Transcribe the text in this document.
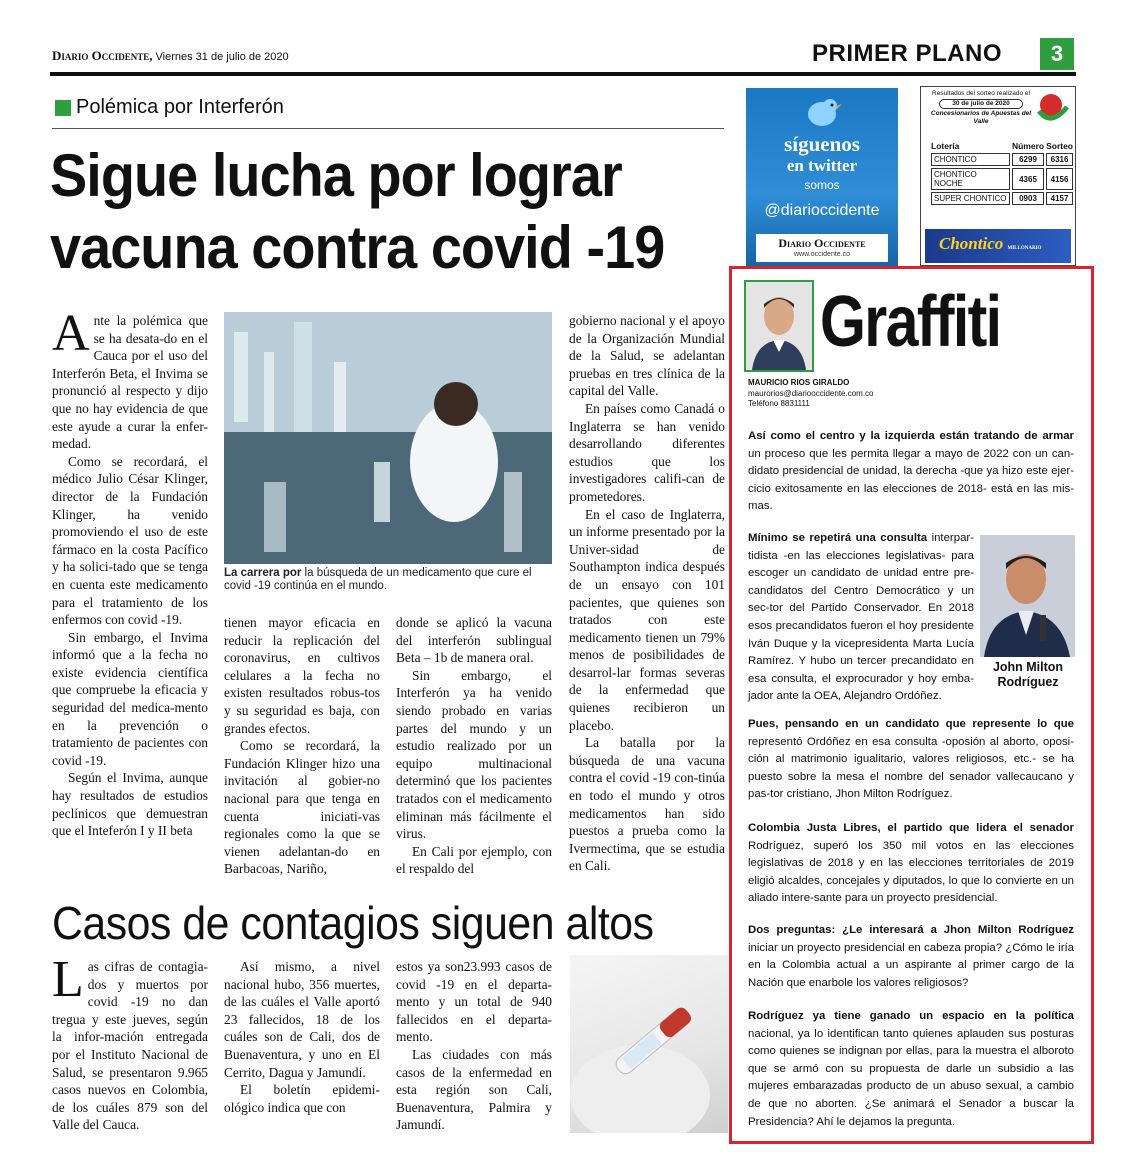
Diario Occidente, Viernes 31 de julio de 2020	PRIMER PLANO	3
Polémica por Interferón
Sigue lucha por lograr vacuna contra covid -19

Ante la polémica que se ha desata-do en el Cauca por el uso del Interferón Beta, el Invima se pronunció al respecto y dijo que no hay evidencia de que este ayude a curar la enfer-medad.

Como se recordará, el médico Julio César Klinger, director de la Fundación Klinger, ha venido promoviendo el uso de este fármaco en la costa Pacífico y ha solici-tado que se tenga en cuenta este medicamento para el tratamiento de los enfermos con covid -19.

Sin embargo, el Invima informó que a la fecha no existe evidencia científica que compruebe la eficacia y seguridad del medica-mento en la prevención o tratamiento de pacientes con covid -19.

Según el Invima, aunque hay resultados de estudios peclínicos que demuestran que el Inteferón I y II beta

La carrera por la búsqueda de un medicamento que cure el covid -19 continúa en el mundo.

tienen mayor eficacia en reducir la replicación del coronavirus, en cultivos celulares a la fecha no existen resultados robus-tos y su seguridad es baja, con grandes efectos.

Como se recordará, la Fundación Klinger hizo una invitación al gobier-no nacional para que tenga en cuenta iniciati-vas regionales como la que se vienen adelantan-do en Barbacoas, Nariño,

donde se aplicó la vacuna del interferón sublingual Beta – 1b de manera oral.

Sin embargo, el Interferón ya ha venido siendo probado en varias partes del mundo y un estudio realizado por un equipo multinacional determinó que los pacientes tratados con el medicamento eliminan más fácilmente el virus.

En Cali por ejemplo, con el respaldo del

gobierno nacional y el apoyo de la Organización Mundial de la Salud, se adelantan pruebas en tres clínica de la capital del Valle.

En países como Canadá o Inglaterra se han venido desarrollando diferentes estudios que los investigadores califi-can de prometedores.

En el caso de Inglaterra, un informe presentado por la Univer-sidad de Southampton indica después de un ensayo con 101 pacientes, que quienes son tratados con este medicamento tienen un 79% menos de posibilidades de desarrol-lar formas severas de la enfermedad que quienes recibieron un placebo.

La batalla por la búsqueda de una vacuna contra el covid -19 con-tinúa en todo el mundo y otros medicamentos han sido puestos a prueba como la Ivermectima, que se estudia en Cali.

Casos de contagios siguen altos

Las cifras de contagia-dos y muertos por covid -19 no dan tregua y este jueves, según la infor-mación entregada por el Instituto Nacional de Salud, se presentaron 9.965 casos nuevos en Colombia, de los cuáles 879 son del Valle del Cauca.

Así mismo, a nivel nacional hubo, 356 muertes, de las cuáles el Valle aportó 23 fallecidos, 18 de los cuáles son de Cali, dos de Buenaventura, y uno en El Cerrito, Dagua y Jamundí.

El boletín epidemi-ológico indica que con

estos ya son23.993 casos de covid -19 en el departa-mento y un total de 940 fallecidos en el departa-mento.

Las ciudades con más casos de la enfermedad en esta región son Cali, Buenaventura, Palmira y Jamundí.

síguenos
en twitter
somos
@diarioccidente
Diario Occidente
www.occidente.co
Resultados del sorteo realizado el
30 de julio de 2020
Concesionarios de Apuestas del Valle
Lotería	Número	Sorteo
CHONTICO	6299	6316
CHONTICO NOCHE	4365	4156
SUPER CHONTICO	0903	4157
Chontico MILLONARIO
Graffiti
MAURICIO RIOS GIRALDO
maurorios@diariooccidente.com.co
Teléfono 8831111
Así como el centro y la izquierda están tratando de armar un proceso que les permita llegar a mayo de 2022 con un can-didato presidencial de unidad, la derecha -que ya hizo este ejer-cicio exitosamente en las elecciones de 2018- está en las mis-mas.
Mínimo se repetirá una consulta interpar-tidista -en las elecciones legislativas- para escoger un candidato de unidad entre pre-candidatos del Centro Democrático y un sec-tor del Partido Conservador. En 2018 esos precandidatos fueron el hoy presidente Iván Duque y la vicepresidenta Marta Lucía Ramírez. Y hubo un tercer precandidato en esa consulta, el exprocurador y hoy emba-jador ante la OEA, Alejandro Ordóñez.
John Milton Rodríguez
Pues, pensando en un candidato que represente lo que representó Ordóñez en esa consulta -oposión al aborto, oposi-ción al matrimonio igualitario, valores religiosos, etc.- se ha puesto sobre la mesa el nombre del senador vallecaucano y pas-tor cristiano, Jhon Milton Rodríguez.
Colombia Justa Libres, el partido que lidera el senador Rodríguez, superó los 350 mil votos en las elecciones legislativas de 2018 y en las elecciones territoriales de 2019 eligió alcaldes, concejales y diputados, lo que lo convierte en un aliado intere-sante para un proyecto presidencial.
Dos preguntas: ¿Le interesará a Jhon Milton Rodríguez iniciar un proyecto presidencial en cabeza propia? ¿Cómo le iría en la Colombia actual a un aspirante al primer cargo de la Nación que enarbole los valores religiosos?
Rodríguez ya tiene ganado un espacio en la política nacional, ya lo identifican tanto quienes aplauden sus posturas como quienes se indignan por ellas, para la muestra el alboroto que se armó con su propuesta de darle un subsidio a las mujeres embarazadas producto de un abuso sexual, a cambio de que no aborten. ¿Se animará el Senador a buscar la Presidencia? Ahí le dejamos la pregunta.
